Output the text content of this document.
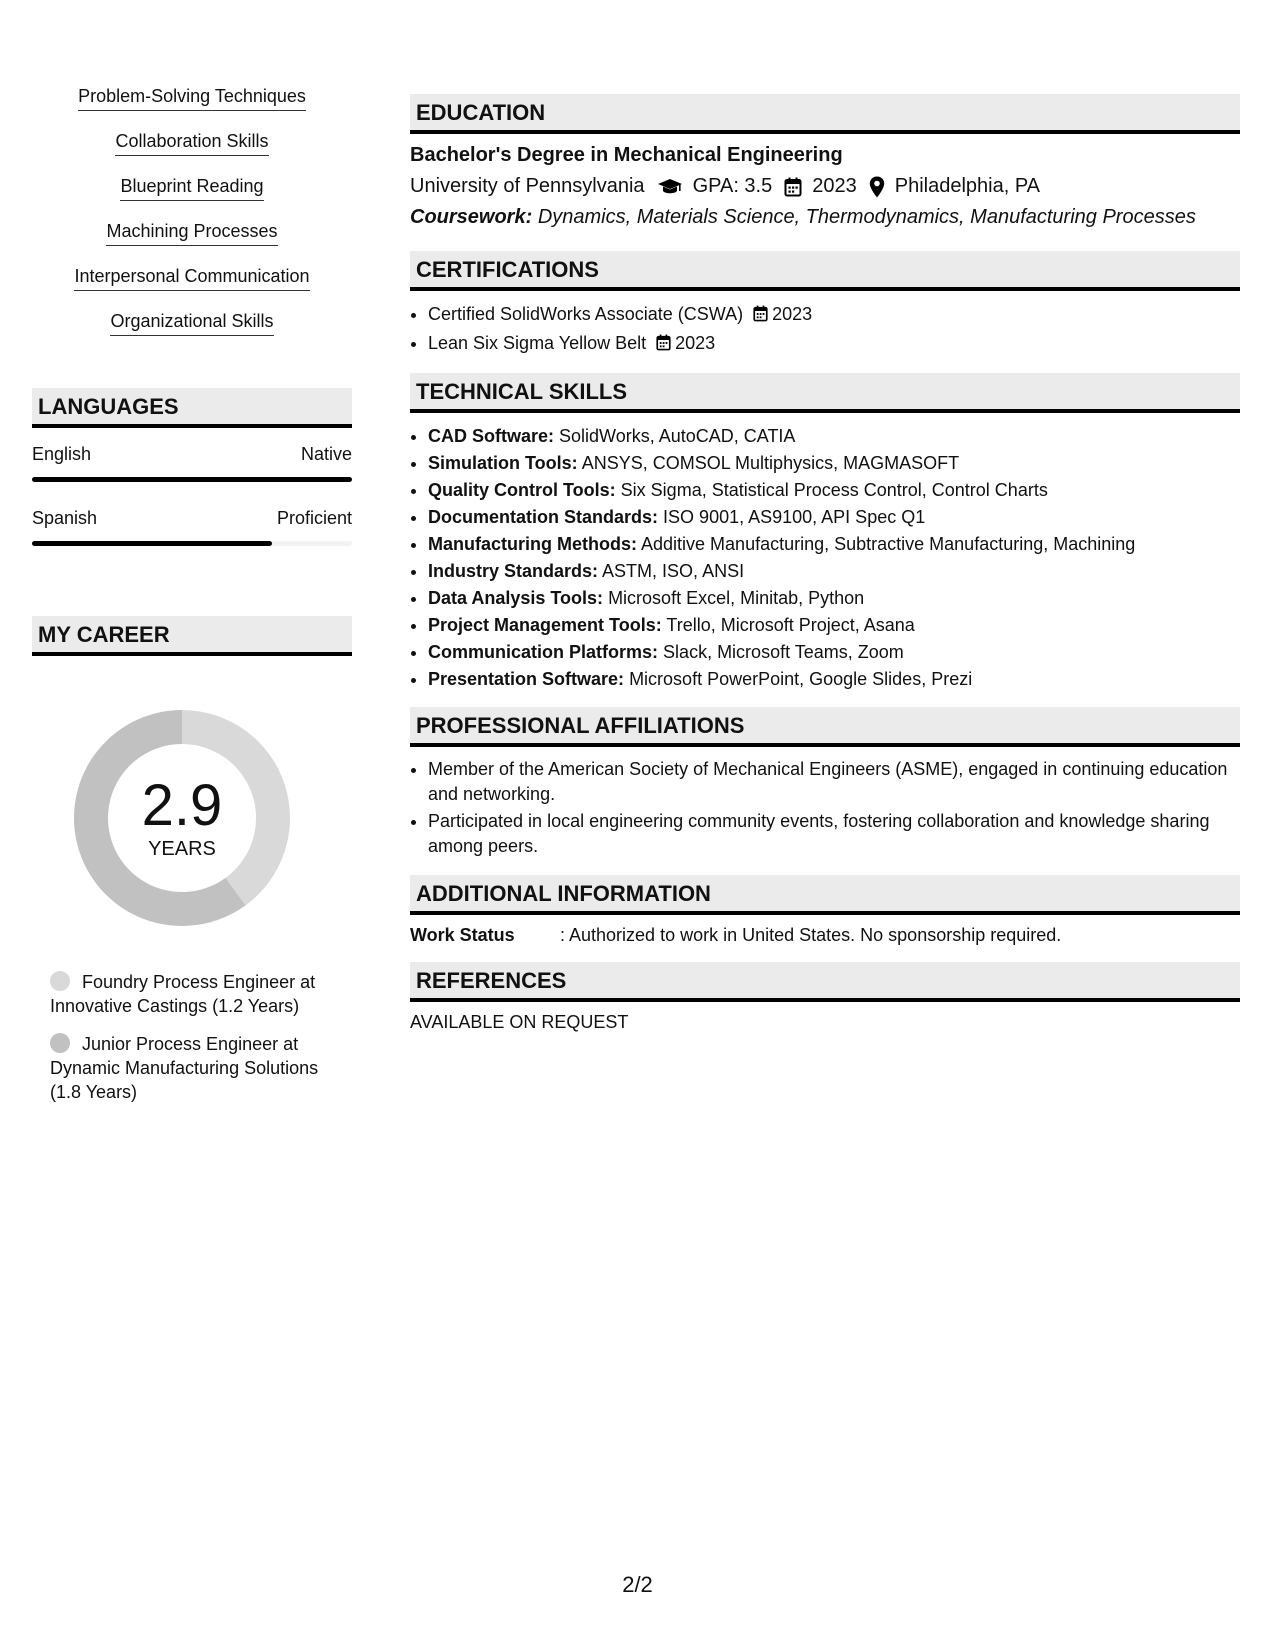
Problem-Solving Techniques
Collaboration Skills
Blueprint Reading
Machining Processes
Interpersonal Communication
Organizational Skills
LANGUAGES
English	Native
Spanish	Proficient
MY CAREER
2.9
YEARS
Foundry Process Engineer at Innovative Castings (1.2 Years)
Junior Process Engineer at Dynamic Manufacturing Solutions (1.8 Years)
EDUCATION
Bachelor's Degree in Mechanical Engineering
University of Pennsylvania GPA: 3.5 2023 Philadelphia, PA
Coursework: Dynamics, Materials Science, Thermodynamics, Manufacturing Processes
CERTIFICATIONS
• Certified SolidWorks Associate (CSWA) 2023
• Lean Six Sigma Yellow Belt 2023
TECHNICAL SKILLS
• CAD Software: SolidWorks, AutoCAD, CATIA
• Simulation Tools: ANSYS, COMSOL Multiphysics, MAGMASOFT
• Quality Control Tools: Six Sigma, Statistical Process Control, Control Charts
• Documentation Standards: ISO 9001, AS9100, API Spec Q1
• Manufacturing Methods: Additive Manufacturing, Subtractive Manufacturing, Machining
• Industry Standards: ASTM, ISO, ANSI
• Data Analysis Tools: Microsoft Excel, Minitab, Python
• Project Management Tools: Trello, Microsoft Project, Asana
• Communication Platforms: Slack, Microsoft Teams, Zoom
• Presentation Software: Microsoft PowerPoint, Google Slides, Prezi
PROFESSIONAL AFFILIATIONS
• Member of the American Society of Mechanical Engineers (ASME), engaged in continuing education and networking.
• Participated in local engineering community events, fostering collaboration and knowledge sharing among peers.
ADDITIONAL INFORMATION
Work Status	: Authorized to work in United States. No sponsorship required.
REFERENCES
AVAILABLE ON REQUEST
2/2
